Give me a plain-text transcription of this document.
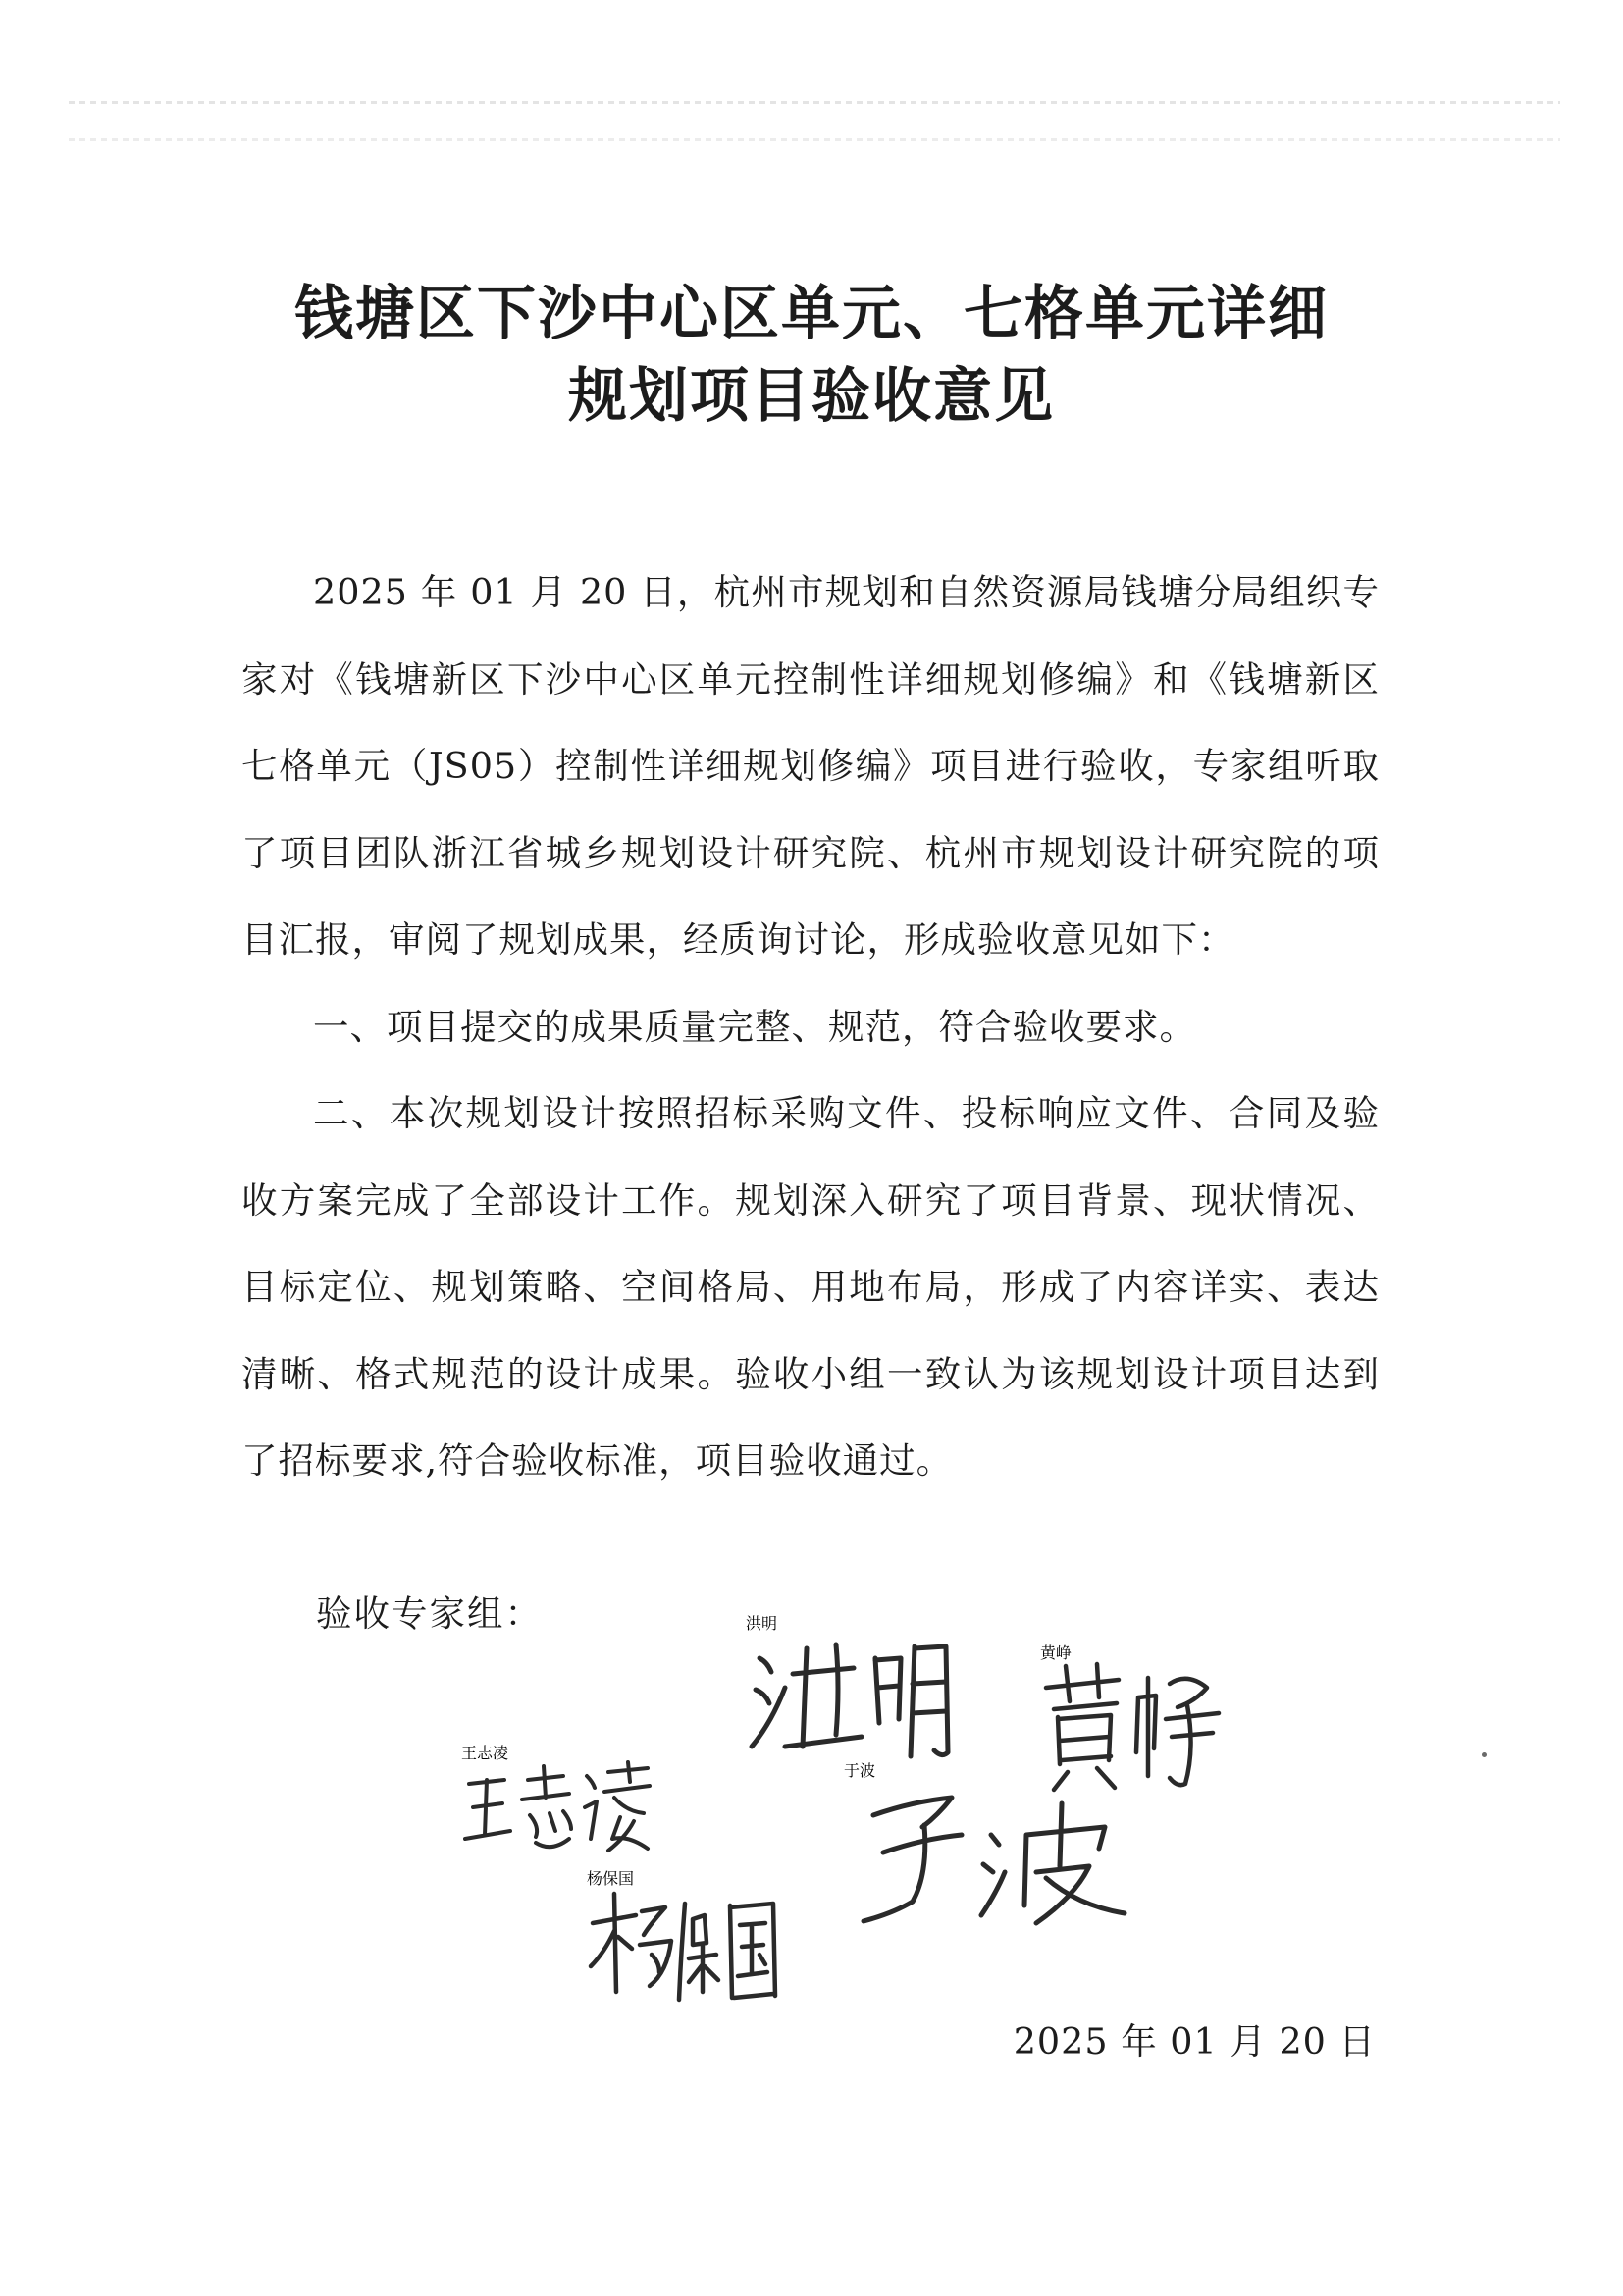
钱塘区下沙中心区单元、七格单元详细
规划项目验收意见

2025 年 01 月 20 日，杭州市规划和自然资源局钱塘分局组织专家对《钱塘新区下沙中心区单元控制性详细规划修编》和《钱塘新区七格单元（JS05）控制性详细规划修编》项目进行验收，专家组听取了项目团队浙江省城乡规划设计研究院、杭州市规划设计研究院的项目汇报，审阅了规划成果，经质询讨论，形成验收意见如下：

一、项目提交的成果质量完整、规范，符合验收要求。

二、本次规划设计按照招标采购文件、投标响应文件、合同及验收方案完成了全部设计工作。规划深入研究了项目背景、现状情况、目标定位、规划策略、空间格局、用地布局，形成了内容详实、表达清晰、格式规范的设计成果。验收小组一致认为该规划设计项目达到了招标要求,符合验收标准，项目验收通过。

验收专家组：	洪明
黄峥
王志凌
于波
杨保国
2025 年 01 月 20 日
